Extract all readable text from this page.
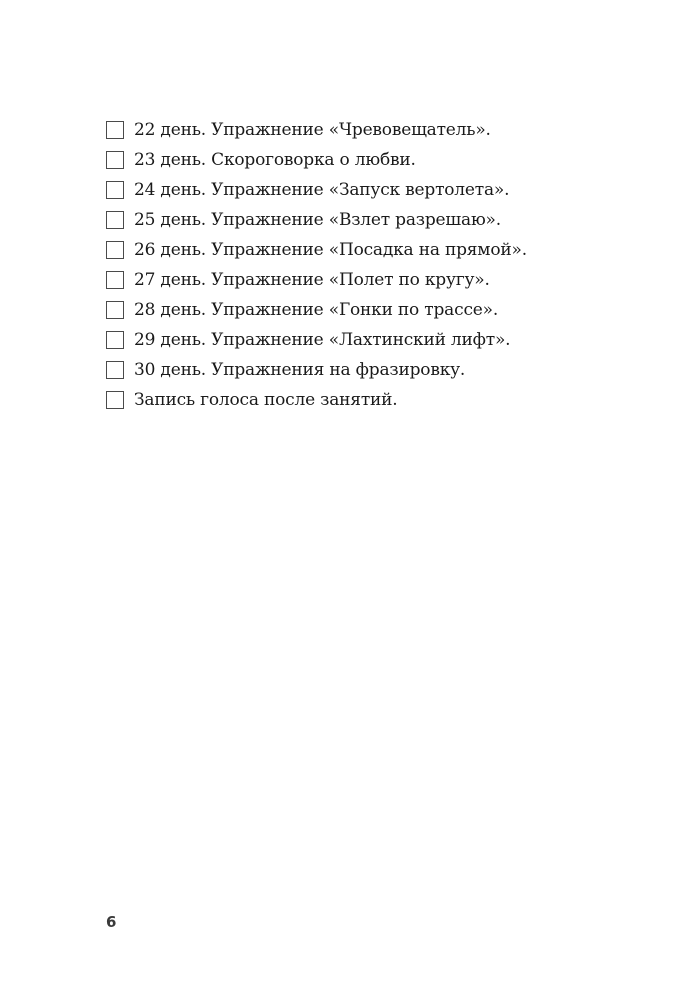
22 день. Упражнение «Чревовещатель».
23 день. Скороговорка о любви.
24 день. Упражнение «Запуск вертолета».
25 день. Упражнение «Взлет разрешаю».
26 день. Упражнение «Посадка на прямой».
27 день. Упражнение «Полет по кругу».
28 день. Упражнение «Гонки по трассе».
29 день. Упражнение «Лахтинский лифт».
30 день. Упражнения на фразировку.
Запись голоса после занятий.
6
